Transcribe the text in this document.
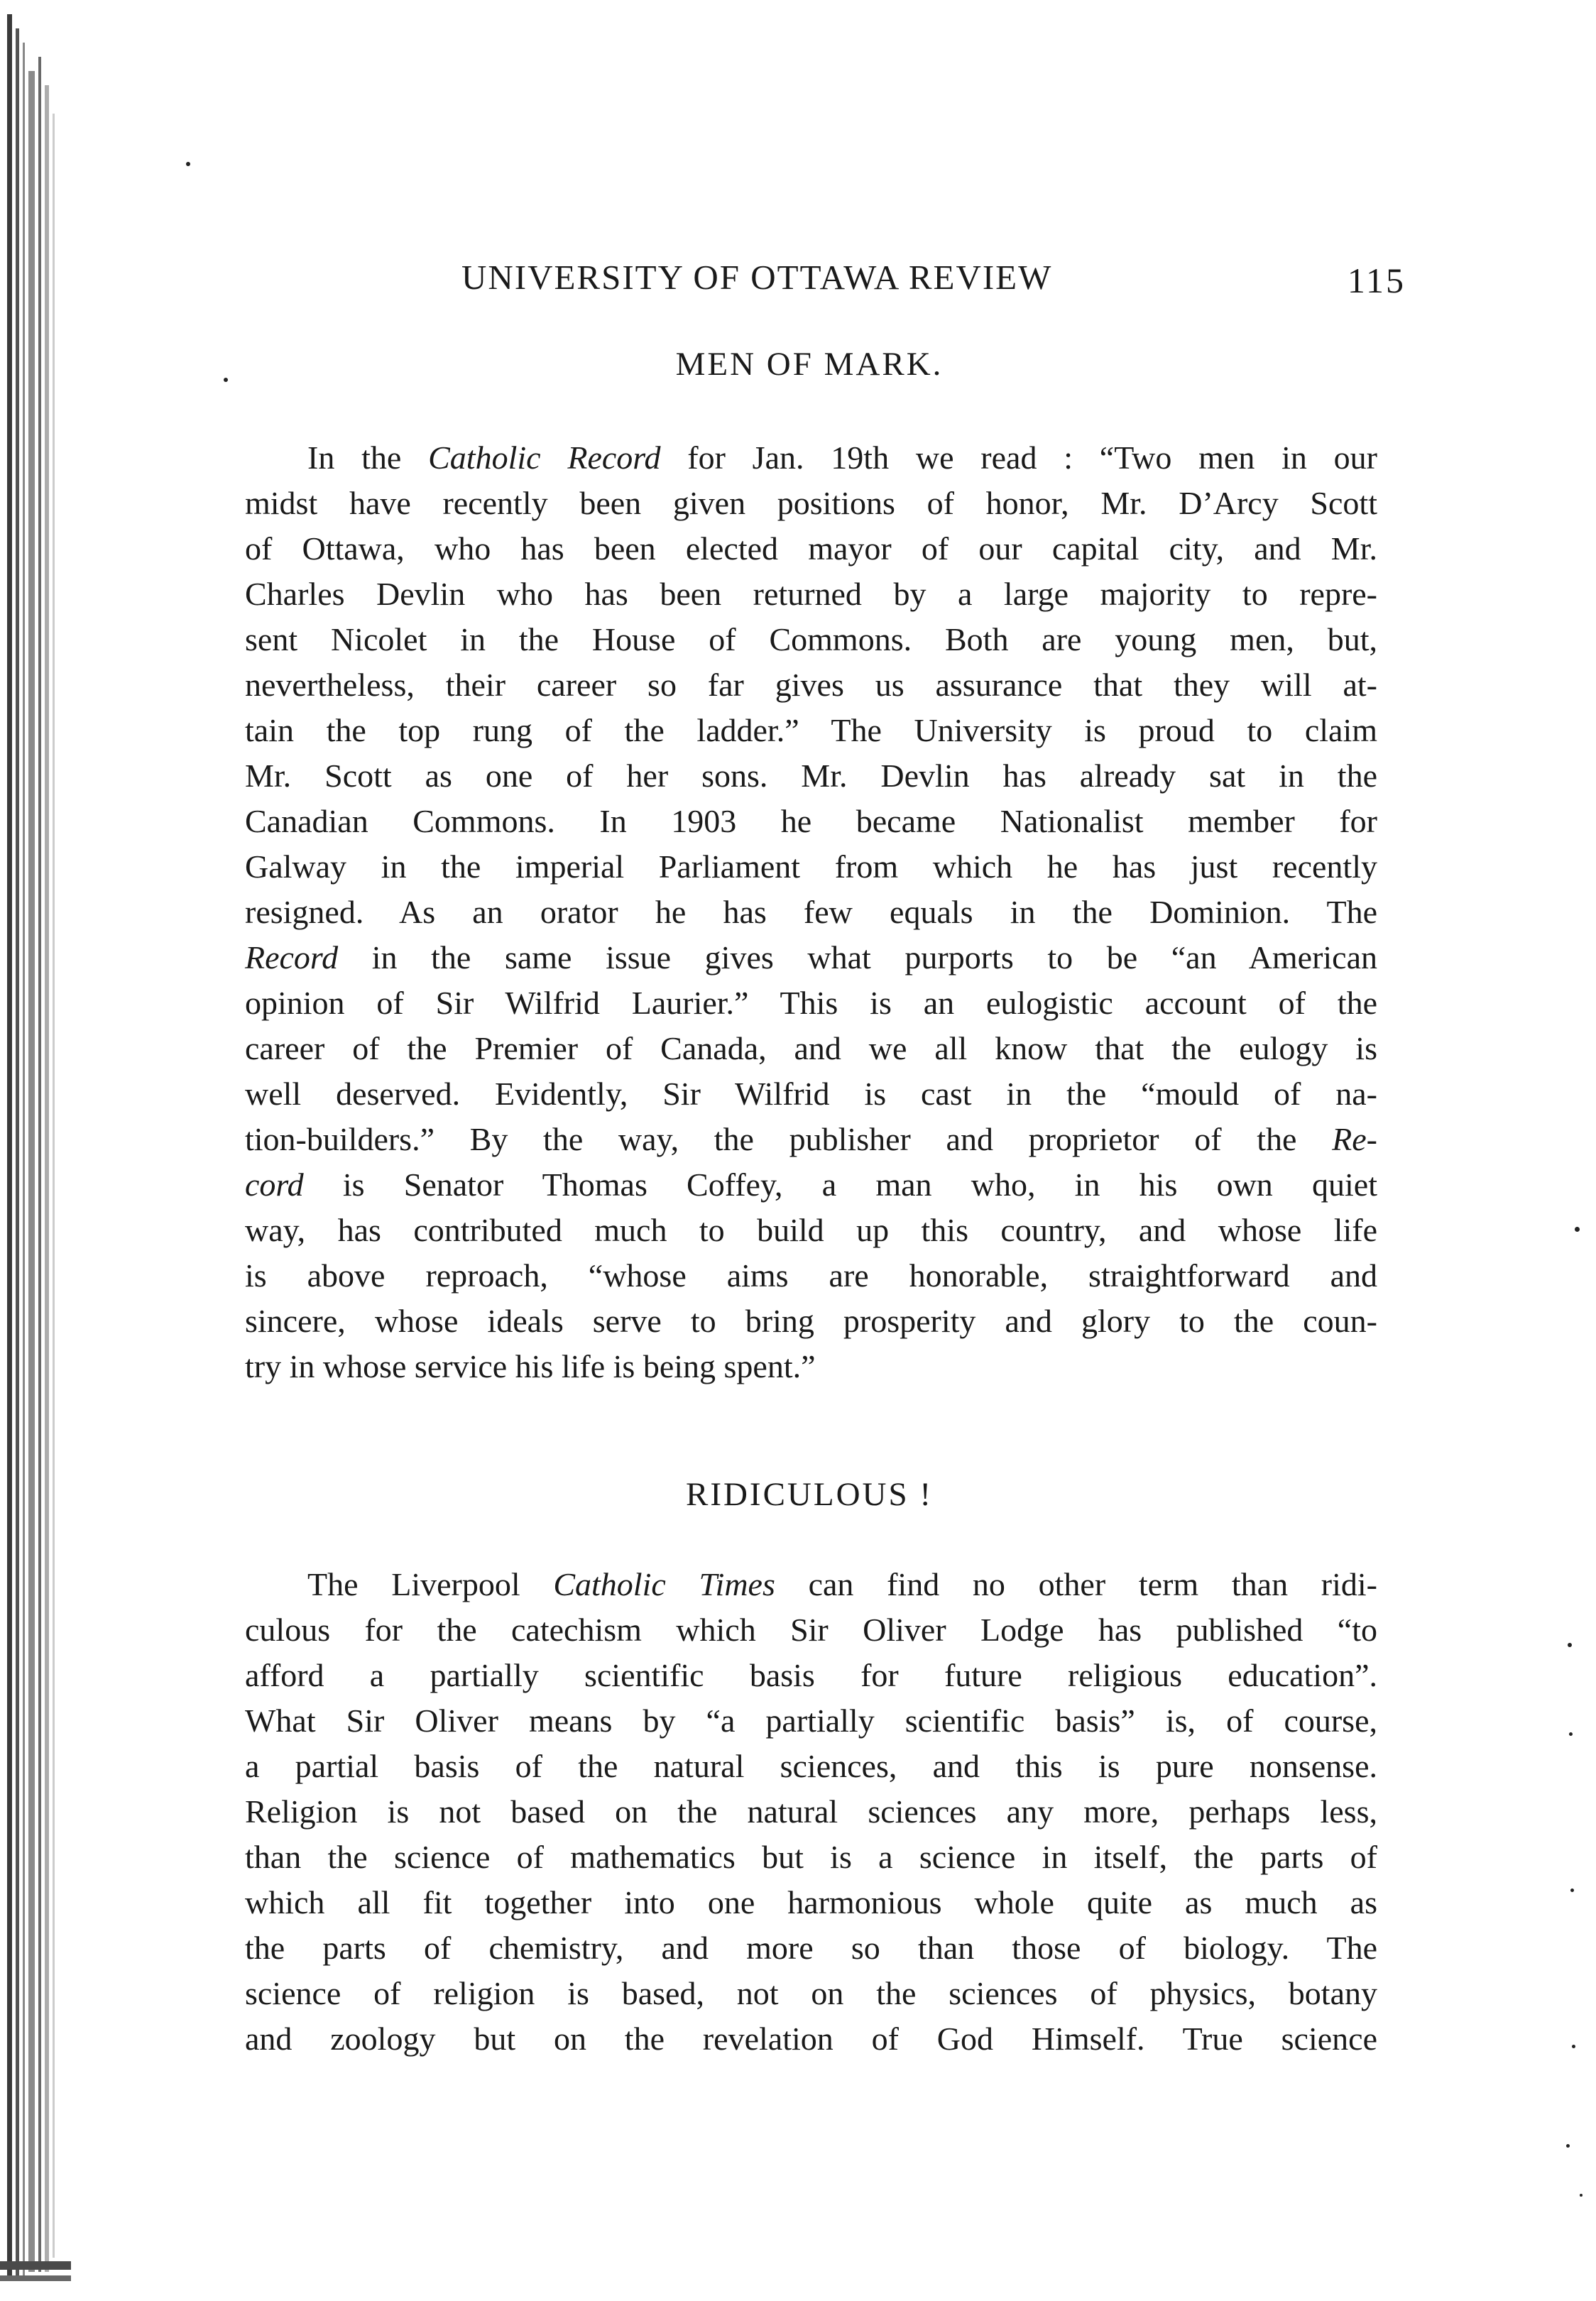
UNIVERSITY OF OTTAWA REVIEW	115
MEN OF MARK.
In the Catholic Record for Jan. 19th we read : “Two men in our
midst have recently been given positions of honor, Mr. D’Arcy Scott
of Ottawa, who has been elected mayor of our capital city, and Mr.
Charles Devlin who has been returned by a large majority to repre-
sent Nicolet in the House of Commons. Both are young men, but,
nevertheless, their career so far gives us assurance that they will at-
tain the top rung of the ladder.” The University is proud to claim
Mr. Scott as one of her sons. Mr. Devlin has already sat in the
Canadian Commons. In 1903 he became Nationalist member for
Galway in the imperial Parliament from which he has just recently
resigned. As an orator he has few equals in the Dominion. The
Record in the same issue gives what purports to be “an American
opinion of Sir Wilfrid Laurier.” This is an eulogistic account of the
career of the Premier of Canada, and we all know that the eulogy is
well deserved. Evidently, Sir Wilfrid is cast in the “mould of na-
tion-builders.” By the way, the publisher and proprietor of the Re-
cord is Senator Thomas Coffey, a man who, in his own quiet
way, has contributed much to build up this country, and whose life
is above reproach, “whose aims are honorable, straightforward and
sincere, whose ideals serve to bring prosperity and glory to the coun-
try in whose service his life is being spent.”
RIDICULOUS !
The Liverpool Catholic Times can find no other term than ridi-
culous for the catechism which Sir Oliver Lodge has published “to
afford a partially scientific basis for future religious education”.
What Sir Oliver means by “a partially scientific basis” is, of course,
a partial basis of the natural sciences, and this is pure nonsense.
Religion is not based on the natural sciences any more, perhaps less,
than the science of mathematics but is a science in itself, the parts of
which all fit together into one harmonious whole quite as much as
the parts of chemistry, and more so than those of biology. The
science of religion is based, not on the sciences of physics, botany
and zoology but on the revelation of God Himself. True science
